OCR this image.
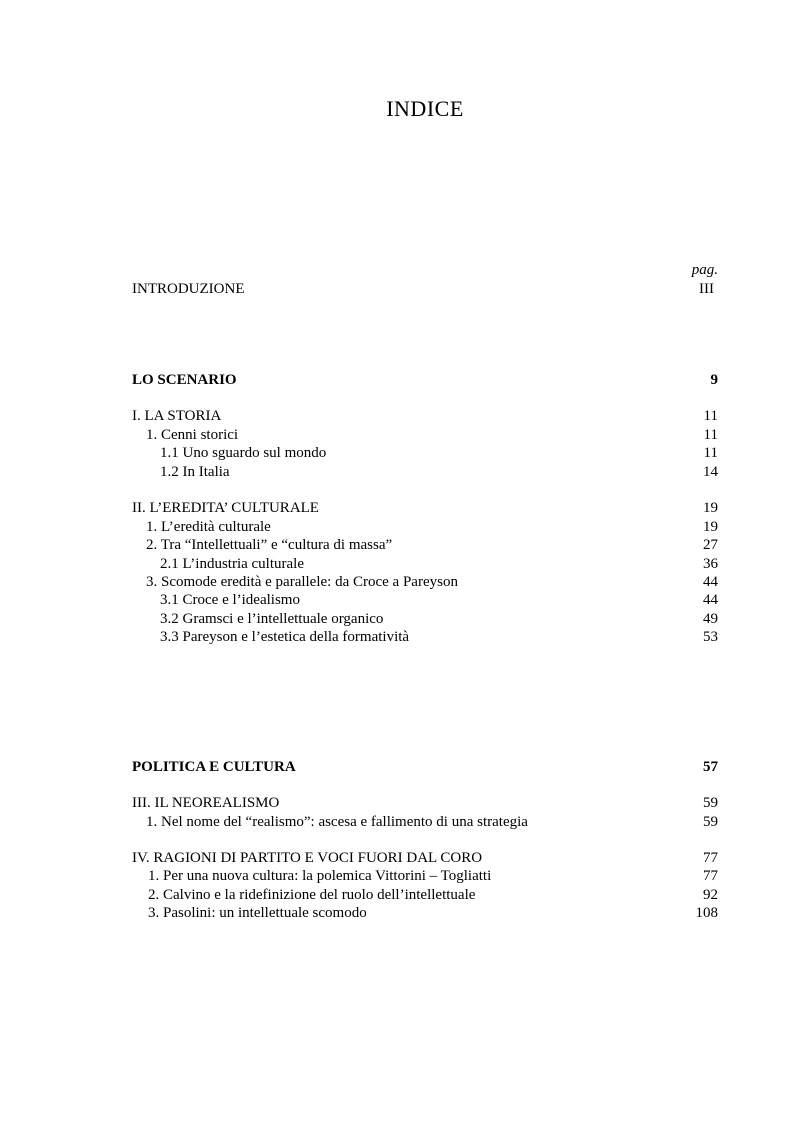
INDICE
pag.
INTRODUZIONE	III
LO SCENARIO	9
I. LA STORIA	11
1. Cenni storici	11
1.1 Uno sguardo sul mondo	11
1.2 In Italia	14
II. L’EREDITA’ CULTURALE	19
1. L’eredità culturale	19
2. Tra “Intellettuali” e “cultura di massa”	27
2.1 L’industria culturale	36
3. Scomode eredità e parallele: da Croce a Pareyson	44
3.1 Croce e l’idealismo	44
3.2 Gramsci e l’intellettuale organico	49
3.3 Pareyson e l’estetica della formatività	53
POLITICA E CULTURA	57
III. IL NEOREALISMO	59
1. Nel nome del “realismo”: ascesa e fallimento di una strategia	59
IV. RAGIONI DI PARTITO E VOCI FUORI DAL CORO	77
1. Per una nuova cultura: la polemica Vittorini – Togliatti	77
2. Calvino e la ridefinizione del ruolo dell’intellettuale	92
3. Pasolini: un intellettuale scomodo	108
